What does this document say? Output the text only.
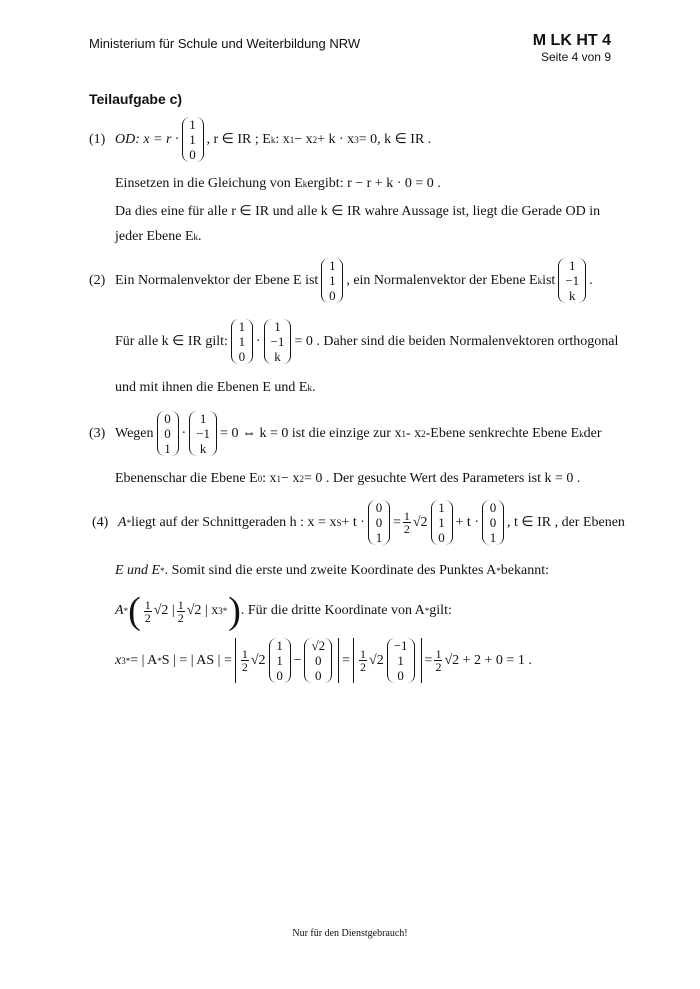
Ministerium für Schule und Weiterbildung NRW	M LK HT 4
Seite 4 von 9
Teilaufgabe c)
(1) OD : x = r ·
1
1
0
, r ∈ IR ; E k : x 1 − x 2 + k · x 3 = 0, k ∈ IR .
Einsetzen in die Gleichung von E k ergibt: r − r + k · 0 = 0 .
Da dies eine für alle r ∈ IR und alle k ∈ IR wahre Aussage ist, liegt die Gerade OD in
jeder Ebene E k .
(2) Ein Normalenvektor der Ebene E ist
1
1
0
, ein Normalenvektor der Ebene E k ist
1
−1
k
.
Für alle k ∈ IR gilt:
1
1
0
·
1
−1
k
= 0 . Daher sind die beiden Normalenvektoren orthogonal
und mit ihnen die Ebenen E und E k .
(3) Wegen
0
0
1
·
1
−1
k
= 0 ⇔ k = 0 ist die einzige zur x 1 - x 2 -Ebene senkrechte Ebene E k der
Ebenenschar die Ebene E 0 : x 1 − x 2 = 0 . Der gesuchte Wert des Parameters ist k = 0 .
(4) A * liegt auf der Schnittgeraden h : x = x S + t ·
0
0
1
= $\frac{1}{2} √2$
1
1
0
+ t ·
0
0
1
, t ∈ IR , der Ebenen
E und E * . Somit sind die erste und zweite Koordinate des Punktes A * bekannt:
A *
( $\frac{1}{2} √2$ | $\frac{1}{2} √2$ | x 3 *
) . Für die dritte Koordinate von A * gilt:
x 3 * = | A * S | = | AS | = $\frac{1}{2} √2$
1
1
0
−
√2
0
0
= $\frac{1}{2} √2$
−1
1
0
= $\frac{1}{2} √2 + 2 + 0 = 1$ .
Nur für den Dienstgebrauch!
